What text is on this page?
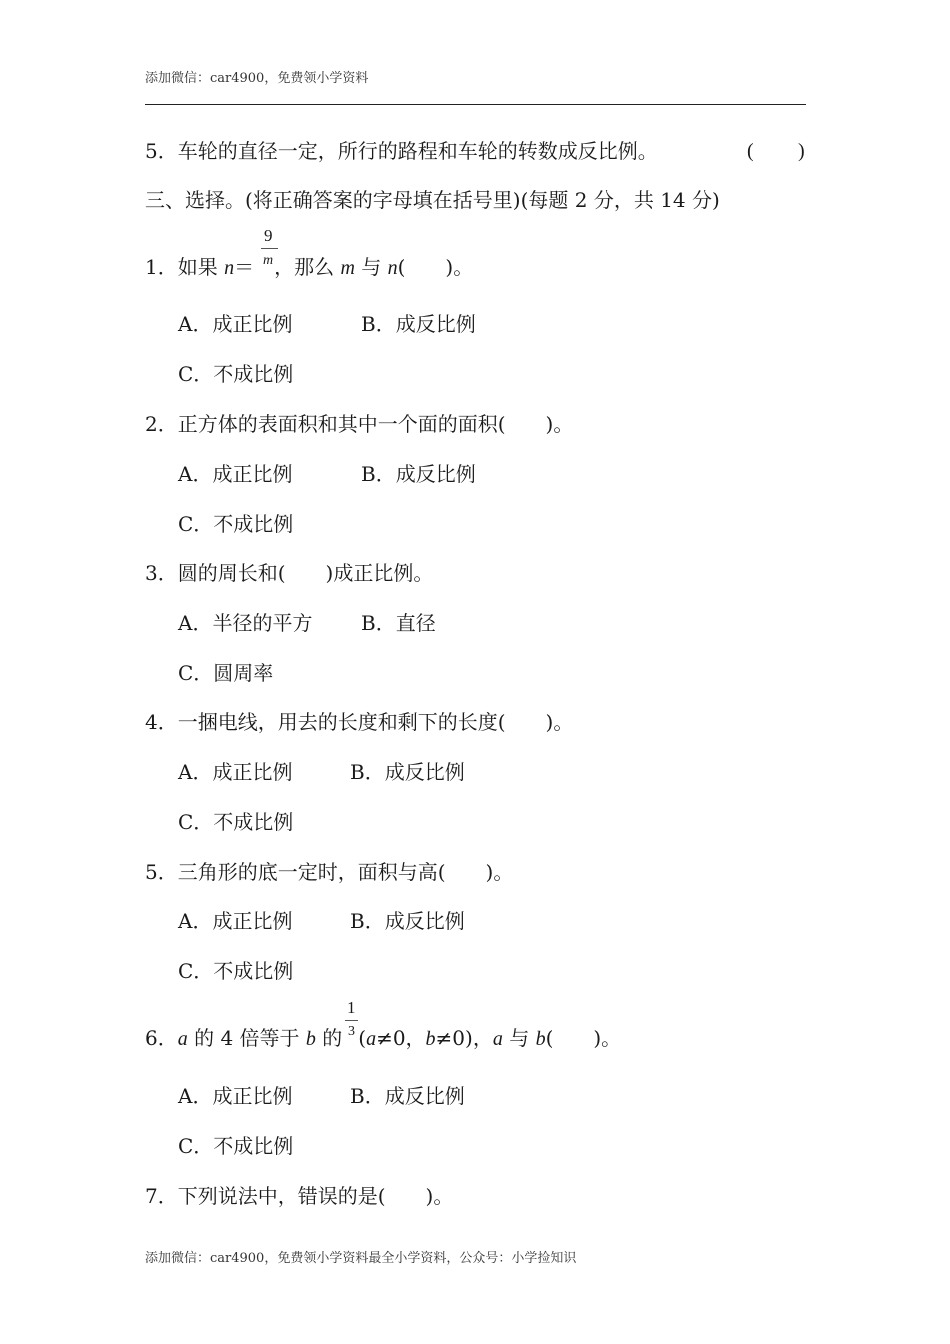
添加微信：car4900，免费领小学资料
5．车轮的直径一定，所行的路程和车轮的转数成反比例。	( )
三、选择。(将正确答案的字母填在括号里)(每题 2 分，共 14 分)
1．如果 n＝ ，那么 m 与 n(　　)。
9
m
A．成正比例	B．成反比例
C．不成比例
2．正方体的表面积和其中一个面的面积(　　)。
A．成正比例	B．成反比例
C．不成比例
3．圆的周长和(　　)成正比例。
A．半径的平方 B．直径
C．圆周率
4．一捆电线，用去的长度和剩下的长度(　　)。
A．成正比例	B．成反比例
C．不成比例
5．三角形的底一定时，面积与高(　　)。
A．成正比例	B．成反比例
C．不成比例
6．a 的 4 倍等于 b 的 (a≠0，b≠0)，a 与 b(　　)。
1
3
A．成正比例	B．成反比例
C．不成比例
7．下列说法中，错误的是(　　)。
添加微信：car4900，免费领小学资料最全小学资料，公众号：小学捡知识
